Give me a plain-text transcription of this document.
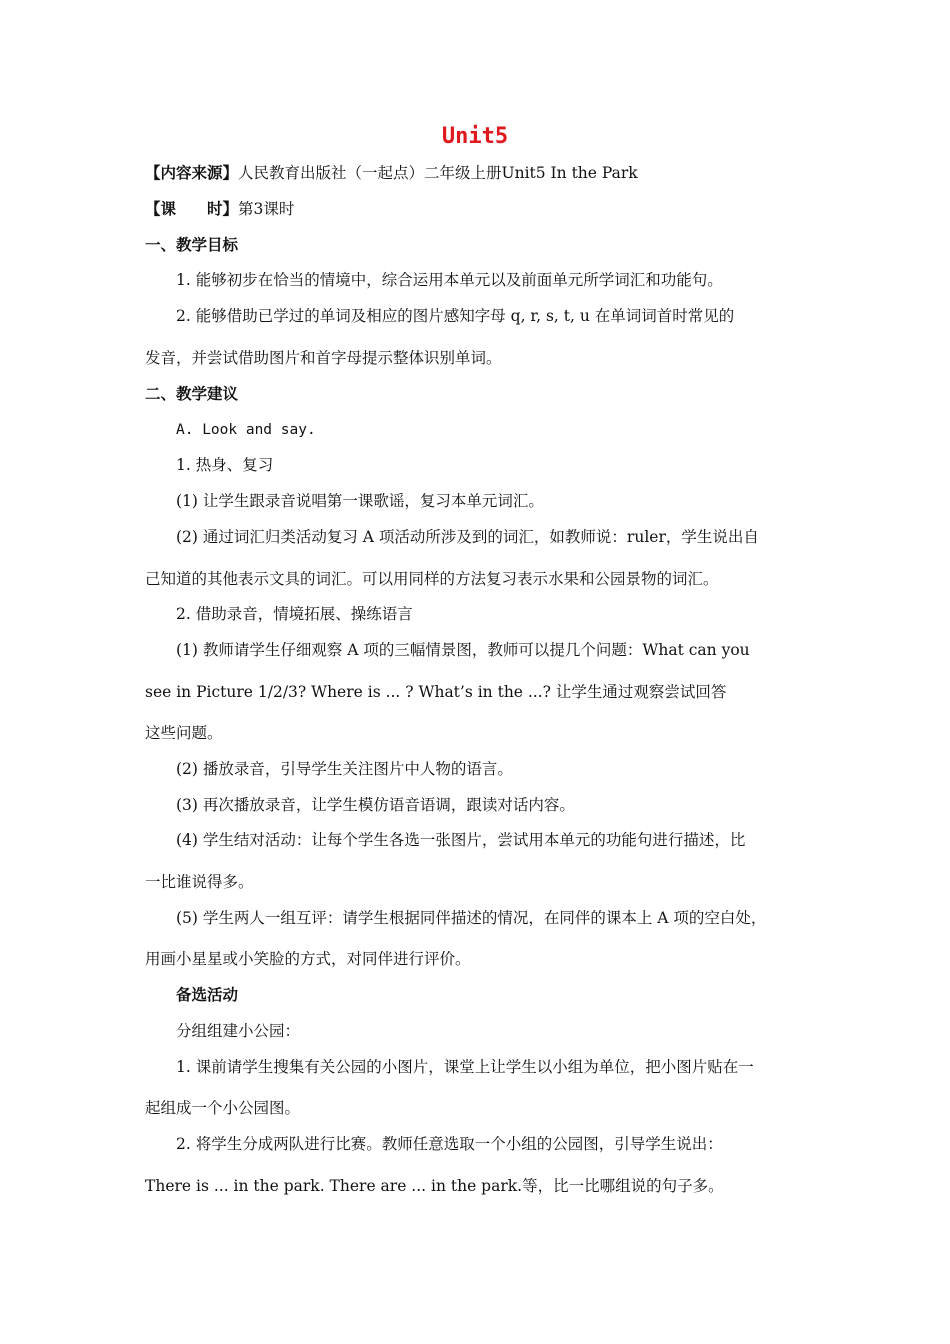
Unit5
【内容来源】人民教育出版社（一起点）二年级上册Unit5 In the Park
【课　　时】第3课时
一、教学目标
1. 能够初步在恰当的情境中，综合运用本单元以及前面单元所学词汇和功能句。
2. 能够借助已学过的单词及相应的图片感知字母 q, r, s, t, u 在单词词首时常见的
发音，并尝试借助图片和首字母提示整体识别单词。
二、教学建议
A. Look and say.
1. 热身、复习
(1) 让学生跟录音说唱第一课歌谣，复习本单元词汇。
(2) 通过词汇归类活动复习 A 项活动所涉及到的词汇，如教师说：ruler，学生说出自
己知道的其他表示文具的词汇。可以用同样的方法复习表示水果和公园景物的词汇。
2. 借助录音，情境拓展、操练语言
(1) 教师请学生仔细观察 A 项的三幅情景图，教师可以提几个问题：What can you
see in Picture 1/2/3? Where is ... ? What’s in the ...? 让学生通过观察尝试回答
这些问题。
(2) 播放录音，引导学生关注图片中人物的语言。
(3) 再次播放录音，让学生模仿语音语调，跟读对话内容。
(4) 学生结对活动：让每个学生各选一张图片，尝试用本单元的功能句进行描述，比
一比谁说得多。
(5) 学生两人一组互评：请学生根据同伴描述的情况，在同伴的课本上 A 项的空白处，
用画小星星或小笑脸的方式，对同伴进行评价。
备选活动
分组组建小公园：
1. 课前请学生搜集有关公园的小图片，课堂上让学生以小组为单位，把小图片贴在一
起组成一个小公园图。
2. 将学生分成两队进行比赛。教师任意选取一个小组的公园图，引导学生说出：
There is ... in the park. There are ... in the park.等，比一比哪组说的句子多。
